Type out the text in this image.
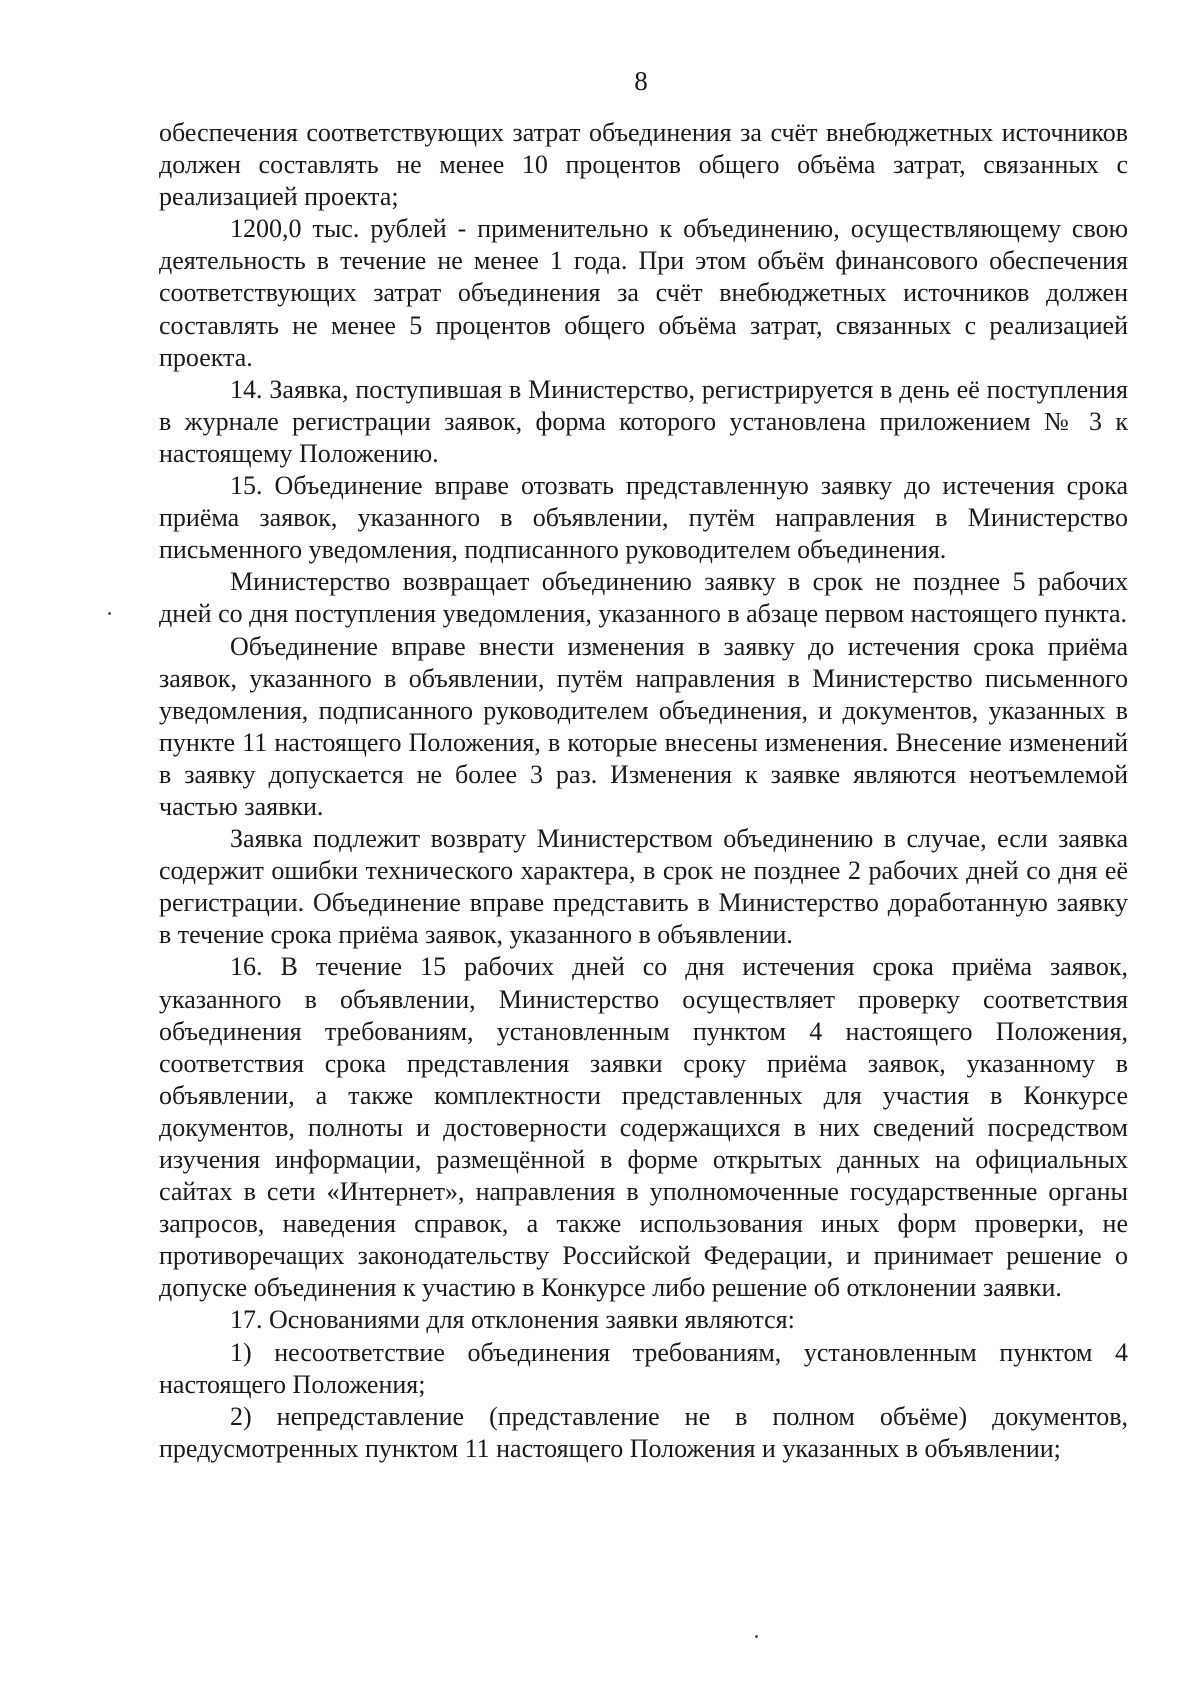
8

обеспечения соответствующих затрат объединения за счёт внебюджетных источников должен составлять не менее 10 процентов общего объёма затрат, связанных с реализацией проекта;

1200,0 тыс. рублей - применительно к объединению, осуществляющему свою деятельность в течение не менее 1 года. При этом объём финансового обеспечения соответствующих затрат объединения за счёт внебюджетных источников должен составлять не менее 5 процентов общего объёма затрат, связанных с реализацией проекта.

14. Заявка, поступившая в Министерство, регистрируется в день её поступления в журнале регистрации заявок, форма которого установлена приложением № 3 к настоящему Положению.

15. Объединение вправе отозвать представленную заявку до истечения срока приёма заявок, указанного в объявлении, путём направления в Министерство письменного уведомления, подписанного руководителем объединения.

Министерство возвращает объединению заявку в срок не позднее 5 рабочих дней со дня поступления уведомления, указанного в абзаце первом настоящего пункта.

Объединение вправе внести изменения в заявку до истечения срока приёма заявок, указанного в объявлении, путём направления в Министерство письменного уведомления, подписанного руководителем объединения, и документов, указанных в пункте 11 настоящего Положения, в которые внесены изменения. Внесение изменений в заявку допускается не более 3 раз. Изменения к заявке являются неотъемлемой частью заявки.

Заявка подлежит возврату Министерством объединению в случае, если заявка содержит ошибки технического характера, в срок не позднее 2 рабочих дней со дня её регистрации. Объединение вправе представить в Министерство доработанную заявку в течение срока приёма заявок, указанного в объявлении.

16. В течение 15 рабочих дней со дня истечения срока приёма заявок, указанного в объявлении, Министерство осуществляет проверку соответствия объединения требованиям, установленным пунктом 4 настоящего Положения, соответствия срока представления заявки сроку приёма заявок, указанному в объявлении, а также комплектности представленных для участия в Конкурсе документов, полноты и достоверности содержащихся в них сведений посредством изучения информации, размещённой в форме открытых данных на официальных сайтах в сети «Интернет», направления в уполномоченные государственные органы запросов, наведения справок, а также использования иных форм проверки, не противоречащих законодательству Российской Федерации, и принимает решение о допуске объединения к участию в Конкурсе либо решение об отклонении заявки.

17. Основаниями для отклонения заявки являются:

1) несоответствие объединения требованиям, установленным пунктом 4 настоящего Положения;

2) непредставление (представление не в полном объёме) документов, предусмотренных пунктом 11 настоящего Положения и указанных в объявлении;
